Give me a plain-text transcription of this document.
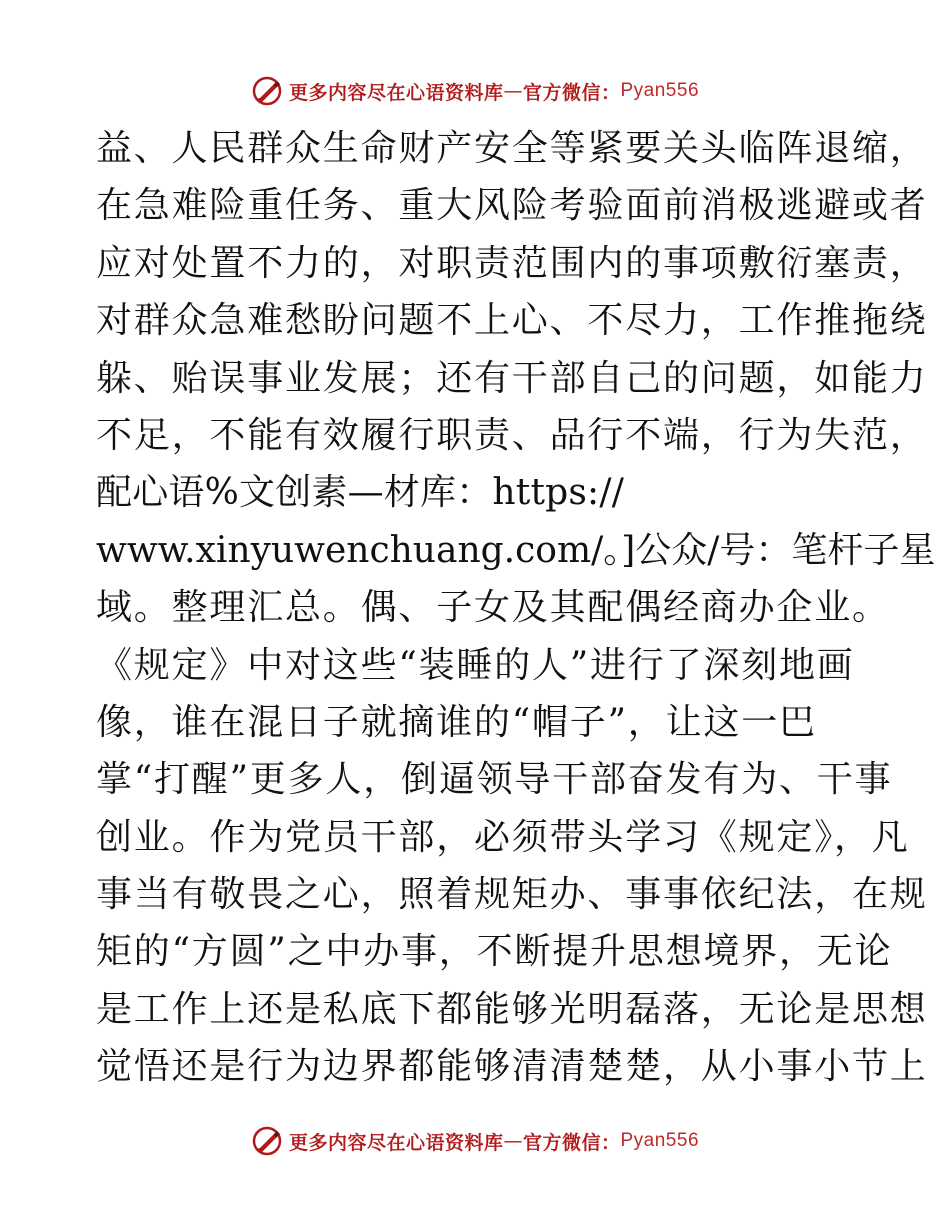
更多内容尽在心语资料库 — 官方微信： Pyan556
益、人民群众生命财产安全等紧要关头临阵退缩，
在急难险重任务、重大风险考验面前消极逃避或者
应对处置不力的，对职责范围内的事项敷衍塞责，
对群众急难愁盼问题不上心、不尽力，工作推拖绕
躲、贻误事业发展；还有干部自己的问题，如能力
不足，不能有效履行职责、品行不端，行为失范，
配心语%文创素—材库：https://
www.xinyuwenchuang.com/。]公众/号：笔杆子星
域。整理汇总。偶、子女及其配偶经商办企业。
《规定》中对这些“装睡的人”进行了深刻地画
像，谁在混日子就摘谁的“帽子”，让这一巴
掌“打醒”更多人，倒逼领导干部奋发有为、干事
创业。作为党员干部，必须带头学习《规定》，凡
事当有敬畏之心，照着规矩办、事事依纪法，在规
矩的“方圆”之中办事，不断提升思想境界，无论
是工作上还是私底下都能够光明磊落，无论是思想
觉悟还是行为边界都能够清清楚楚，从小事小节上
更多内容尽在心语资料库 — 官方微信： Pyan556
